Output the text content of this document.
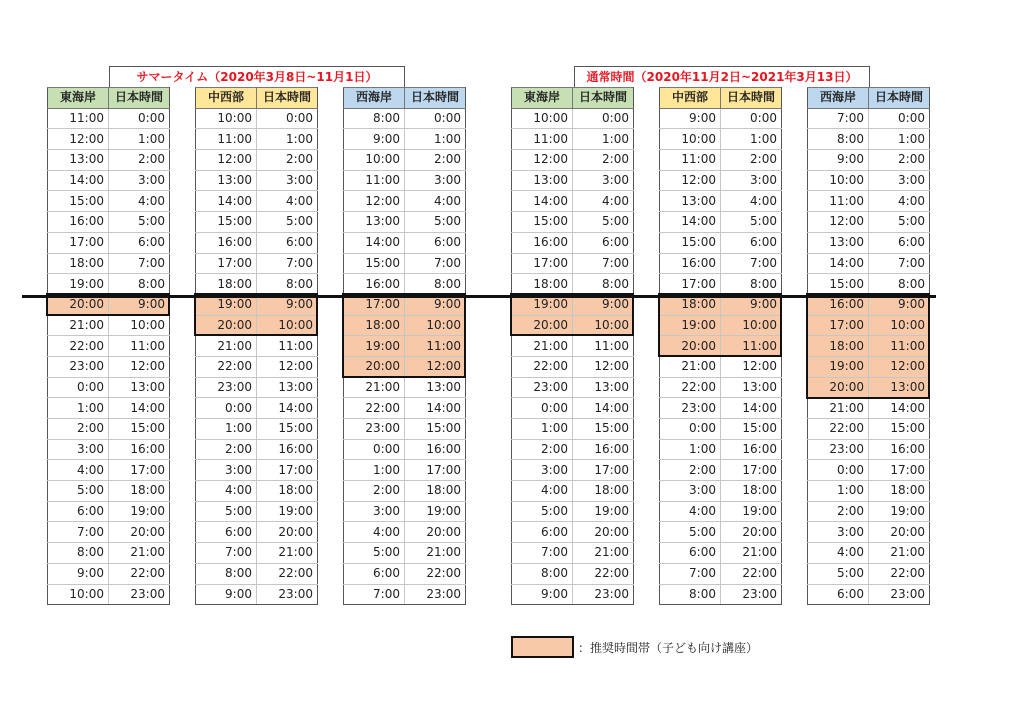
サマータイム（2020年3月8日~11月1日）	通常時間（2020年11月2日~2021年3月13日）
東海岸	日本時間
11:00	0:00
12:00	1:00
13:00	2:00
14:00	3:00
15:00	4:00
16:00	5:00
17:00	6:00
18:00	7:00
19:00	8:00
20:00	9:00
21:00	10:00
22:00	11:00
23:00	12:00
0:00	13:00
1:00	14:00
2:00	15:00
3:00	16:00
4:00	17:00
5:00	18:00
6:00	19:00
7:00	20:00
8:00	21:00
9:00	22:00
10:00	23:00
中西部	日本時間
10:00	0:00
11:00	1:00
12:00	2:00
13:00	3:00
14:00	4:00
15:00	5:00
16:00	6:00
17:00	7:00
18:00	8:00
19:00	9:00
20:00	10:00
21:00	11:00
22:00	12:00
23:00	13:00
0:00	14:00
1:00	15:00
2:00	16:00
3:00	17:00
4:00	18:00
5:00	19:00
6:00	20:00
7:00	21:00
8:00	22:00
9:00	23:00
西海岸	日本時間
8:00	0:00
9:00	1:00
10:00	2:00
11:00	3:00
12:00	4:00
13:00	5:00
14:00	6:00
15:00	7:00
16:00	8:00
17:00	9:00
18:00	10:00
19:00	11:00
20:00	12:00
21:00	13:00
22:00	14:00
23:00	15:00
0:00	16:00
1:00	17:00
2:00	18:00
3:00	19:00
4:00	20:00
5:00	21:00
6:00	22:00
7:00	23:00
東海岸	日本時間
10:00	0:00
11:00	1:00
12:00	2:00
13:00	3:00
14:00	4:00
15:00	5:00
16:00	6:00
17:00	7:00
18:00	8:00
19:00	9:00
20:00	10:00
21:00	11:00
22:00	12:00
23:00	13:00
0:00	14:00
1:00	15:00
2:00	16:00
3:00	17:00
4:00	18:00
5:00	19:00
6:00	20:00
7:00	21:00
8:00	22:00
9:00	23:00
中西部	日本時間
9:00	0:00
10:00	1:00
11:00	2:00
12:00	3:00
13:00	4:00
14:00	5:00
15:00	6:00
16:00	7:00
17:00	8:00
18:00	9:00
19:00	10:00
20:00	11:00
21:00	12:00
22:00	13:00
23:00	14:00
0:00	15:00
1:00	16:00
2:00	17:00
3:00	18:00
4:00	19:00
5:00	20:00
6:00	21:00
7:00	22:00
8:00	23:00
西海岸	日本時間
7:00	0:00
8:00	1:00
9:00	2:00
10:00	3:00
11:00	4:00
12:00	5:00
13:00	6:00
14:00	7:00
15:00	8:00
16:00	9:00
17:00	10:00
18:00	11:00
19:00	12:00
20:00	13:00
21:00	14:00
22:00	15:00
23:00	16:00
0:00	17:00
1:00	18:00
2:00	19:00
3:00	20:00
4:00	21:00
5:00	22:00
6:00	23:00
：推奨時間帯（子ども向け講座）
